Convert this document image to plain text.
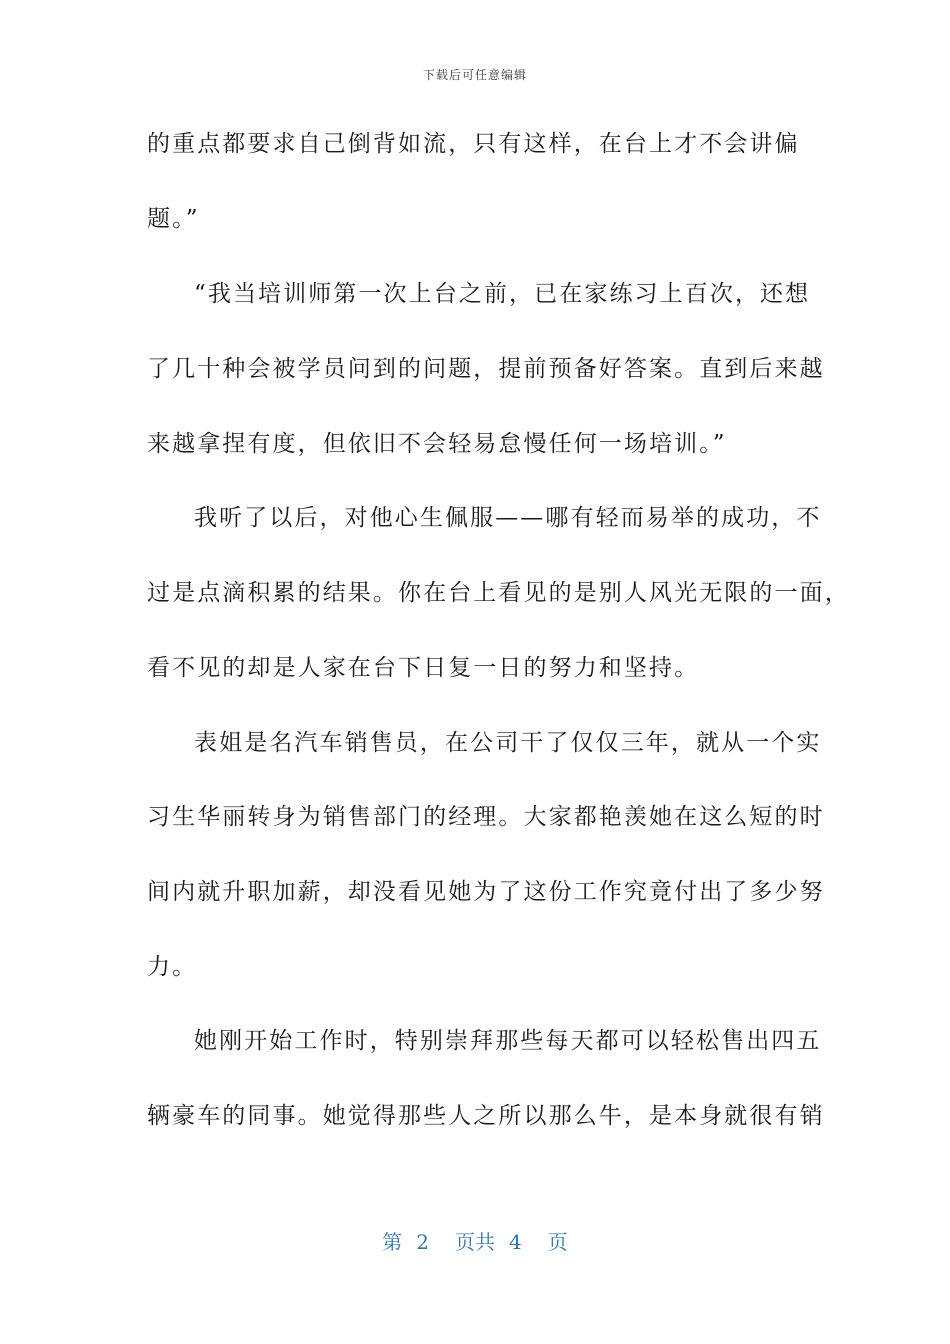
下载后可任意编辑
的重点都要求自己倒背如流，只有这样，在台上才不会讲偏
题。”
“我当培训师第一次上台之前，已在家练习上百次，还想
了几十种会被学员问到的问题，提前预备好答案。直到后来越
来越拿捏有度，但依旧不会轻易怠慢任何一场培训。”
我听了以后，对他心生佩服——哪有轻而易举的成功，不
过是点滴积累的结果。你在台上看见的是别人风光无限的一面，
看不见的却是人家在台下日复一日的努力和坚持。
表姐是名汽车销售员，在公司干了仅仅三年，就从一个实
习生华丽转身为销售部门的经理。大家都艳羡她在这么短的时
间内就升职加薪，却没看见她为了这份工作究竟付出了多少努
力。
她刚开始工作时，特别崇拜那些每天都可以轻松售出四五
辆豪车的同事。她觉得那些人之所以那么牛，是本身就很有销
第 2 页共 4 页
